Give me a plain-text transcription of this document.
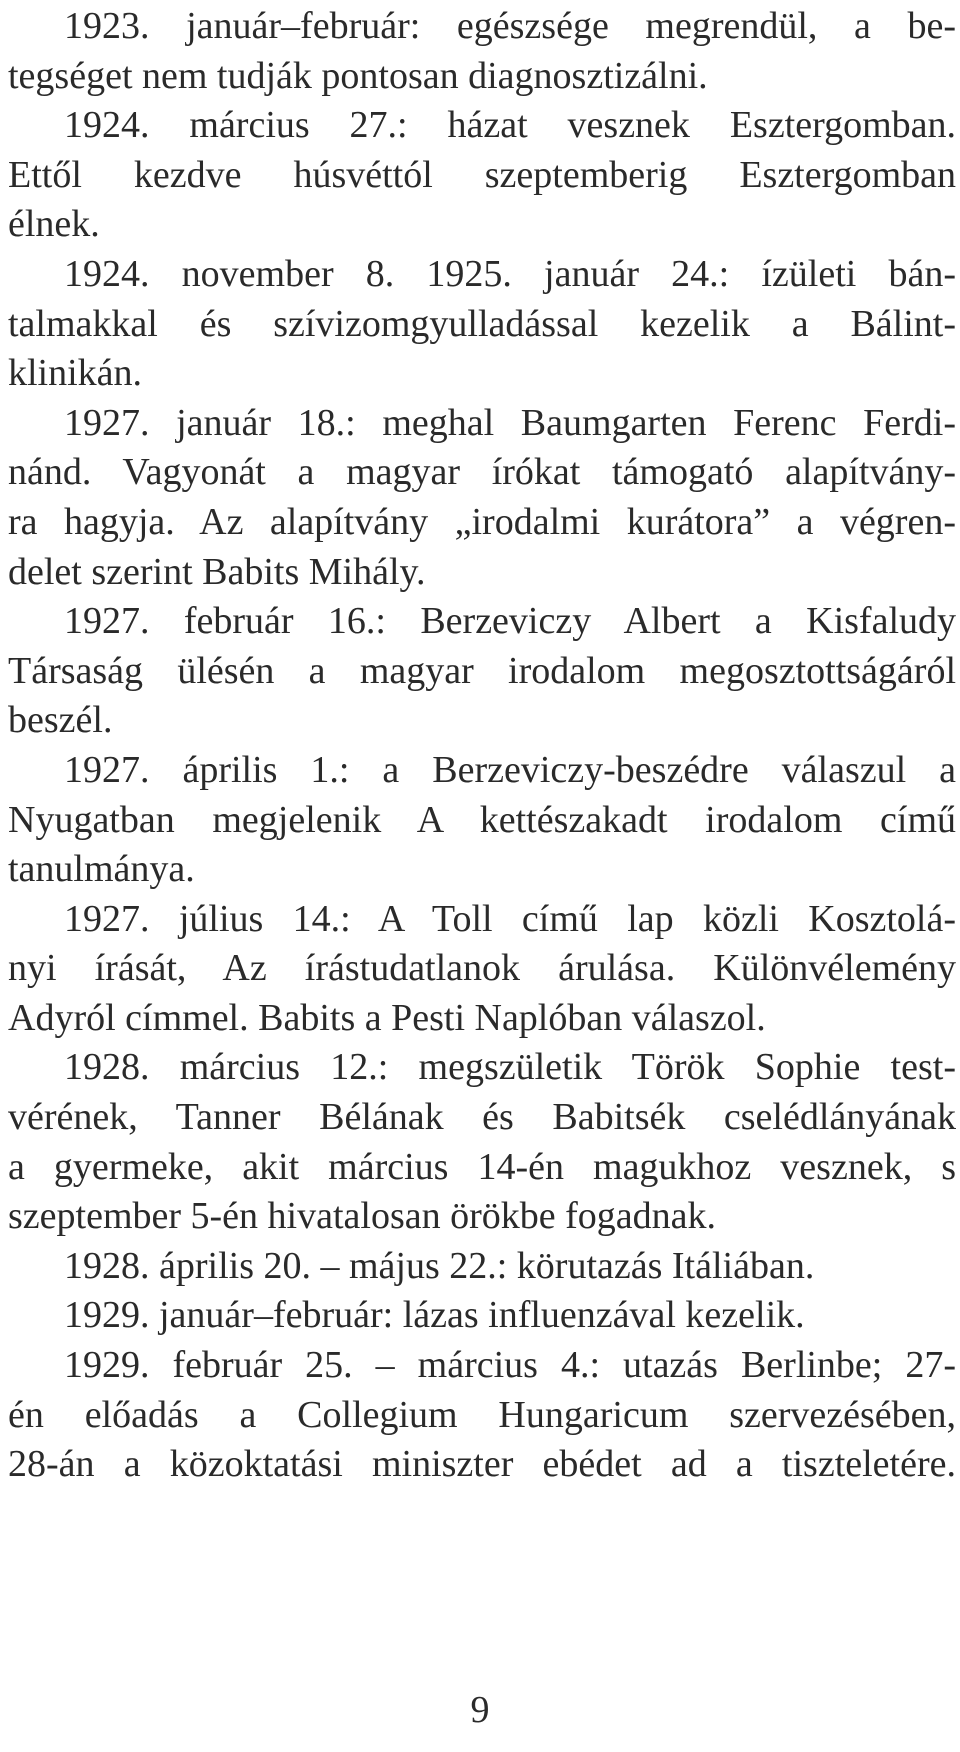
1923. január–február: egészsége megrendül, a be-
tegséget nem tudják pontosan diagnosztizálni.
1924. március 27.: házat vesznek Esztergomban.
Ettől kezdve húsvéttól szeptemberig Esztergomban
élnek.
1924. november 8. 1925. január 24.: ízületi bán-
talmakkal és szívizomgyulladással kezelik a Bálint-
klinikán.
1927. január 18.: meghal Baumgarten Ferenc Ferdi-
nánd. Vagyonát a magyar írókat támogató alapítvány-
ra hagyja. Az alapítvány „irodalmi kurátora” a végren-
delet szerint Babits Mihály.
1927. február 16.: Berzeviczy Albert a Kisfaludy
Társaság ülésén a magyar irodalom megosztottságáról
beszél.
1927. április 1.: a Berzeviczy-beszédre válaszul a
Nyugatban megjelenik A kettészakadt irodalom című
tanulmánya.
1927. július 14.: A Toll című lap közli Kosztolá-
nyi írását, Az írástudatlanok árulása. Különvélemény
Adyról címmel. Babits a Pesti Naplóban válaszol.
1928. március 12.: megszületik Török Sophie test-
vérének, Tanner Bélának és Babitsék cselédlányának
a gyermeke, akit március 14-én magukhoz vesznek, s
szeptember 5-én hivatalosan örökbe fogadnak.
1928. április 20. – május 22.: körutazás Itáliában.
1929. január–február: lázas influenzával kezelik.
1929. február 25. – március 4.: utazás Berlinbe; 27-
én előadás a Collegium Hungaricum szervezésében,
28-án a közoktatási miniszter ebédet ad a tiszteletére.
9
